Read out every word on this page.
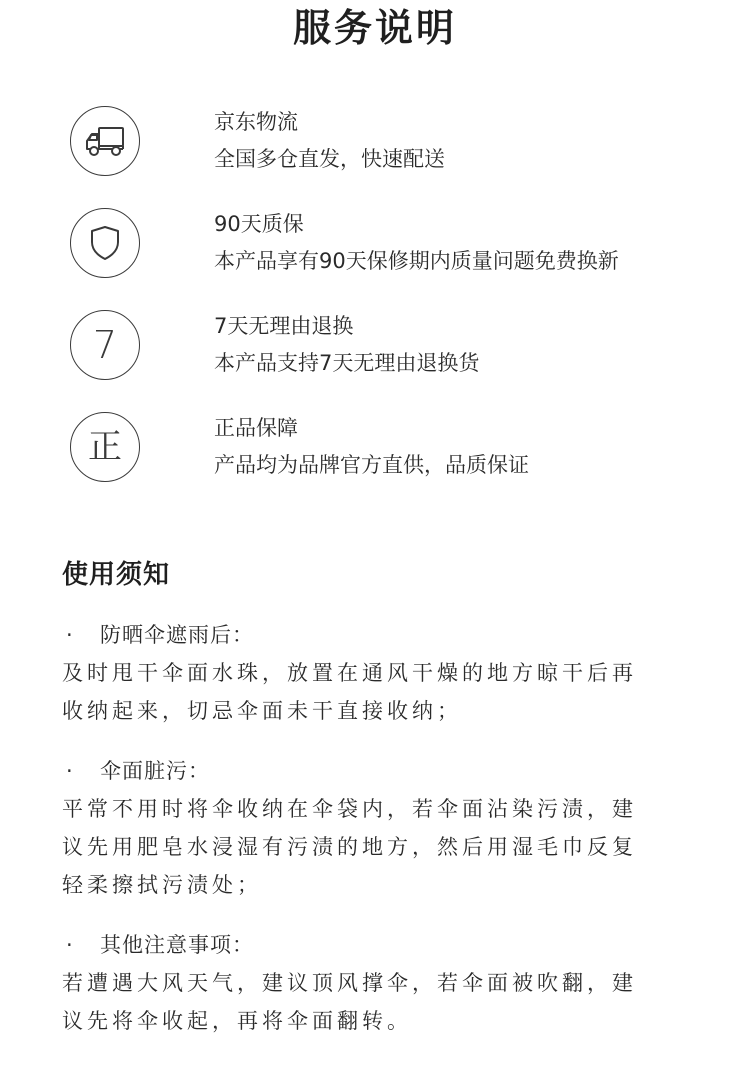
服务说明
京东物流
全国多仓直发，快速配送
90天质保
本产品享有90天保修期内质量问题免费换新
7	7天无理由退换
本产品支持7天无理由退换货
正	正品保障
产品均为品牌官方直供，品质保证
使用须知
· 防晒伞遮雨后：
及时甩干伞面水珠，放置在通风干燥的地方晾干后再
收纳起来，切忌伞面未干直接收纳；
· 伞面脏污：
平常不用时将伞收纳在伞袋内，若伞面沾染污渍，建
议先用肥皂水浸湿有污渍的地方，然后用湿毛巾反复
轻柔擦拭污渍处；
· 其他注意事项：
若遭遇大风天气，建议顶风撑伞，若伞面被吹翻，建
议先将伞收起，再将伞面翻转。
